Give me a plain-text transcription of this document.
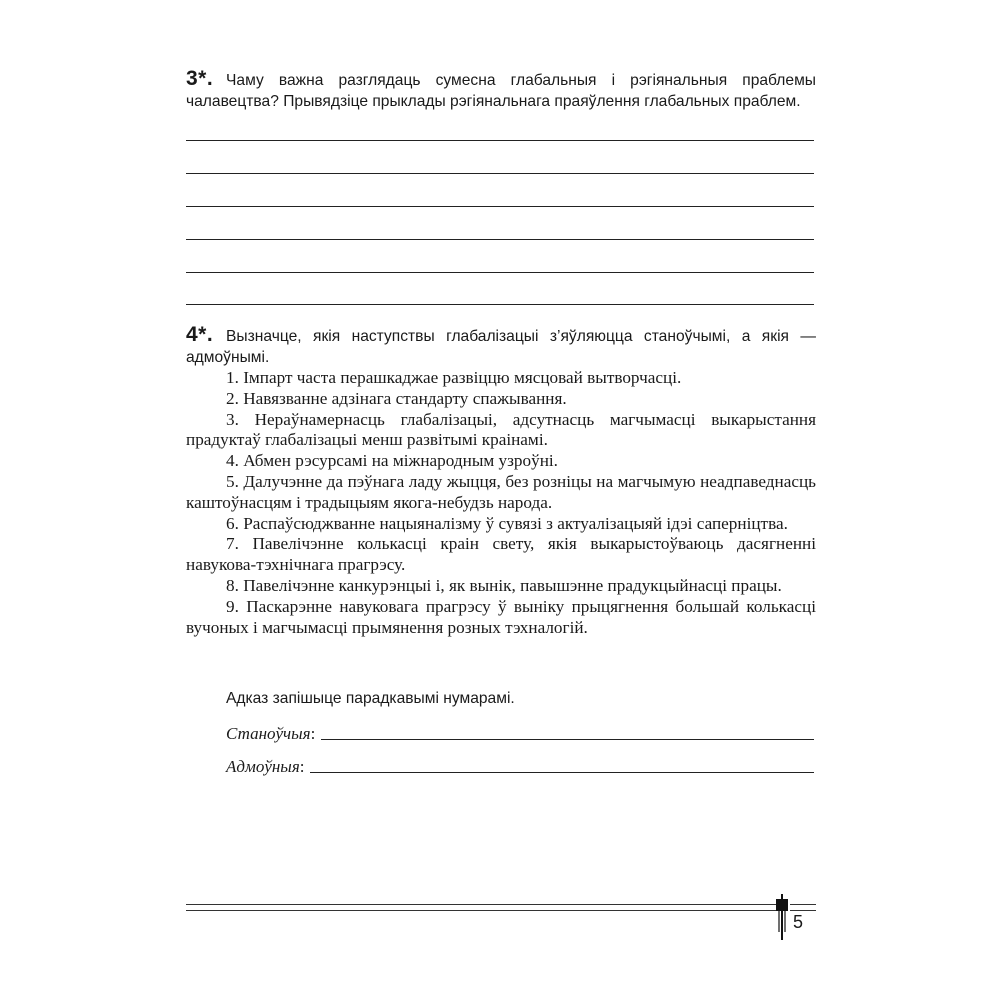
3*. Чаму важна разглядаць сумесна глабальныя і рэгіянальныя праблемы чалавецтва? Прывядзіце прыклады рэгіянальнага праяўлення глабальных праблем.

4*. Вызначце, якія наступствы глабалізацыі з’яўляюцца станоўчымі, а якія — адмоўнымі.

1. Імпарт часта перашкаджае развіццю мясцовай вытворчасці.
2. Навязванне адзінага стандарту спажывання.
3. Нераўнамернасць глабалізацыі, адсутнасць магчымасці выкарыстання прадуктаў глабалізацыі менш развітымі краінамі.
4. Абмен рэсурсамі на міжнародным узроўні.
5. Далучэнне да пэўнага ладу жыцця, без розніцы на магчымую неадпаведнасць каштоўнасцям і традыцыям якога-небудзь народа.
6. Распаўсюджванне нацыяналізму ў сувязі з актуалізацыяй ідэі саперніцтва.
7. Павелічэнне колькасці краін свету, якія выкарыстоўваюць дасягненні навукова-тэхнічнага прагрэсу.
8. Павелічэнне канкурэнцыі і, як вынік, павышэнне прадукцыйнасці працы.
9. Паскарэнне навуковага прагрэсу ў выніку прыцягнення большай колькасці вучоных і магчымасці прымянення розных тэхналогій.
Адказ запішыце парадкавымі нумарамі.
Станоўчыя :
Адмоўныя :
5
